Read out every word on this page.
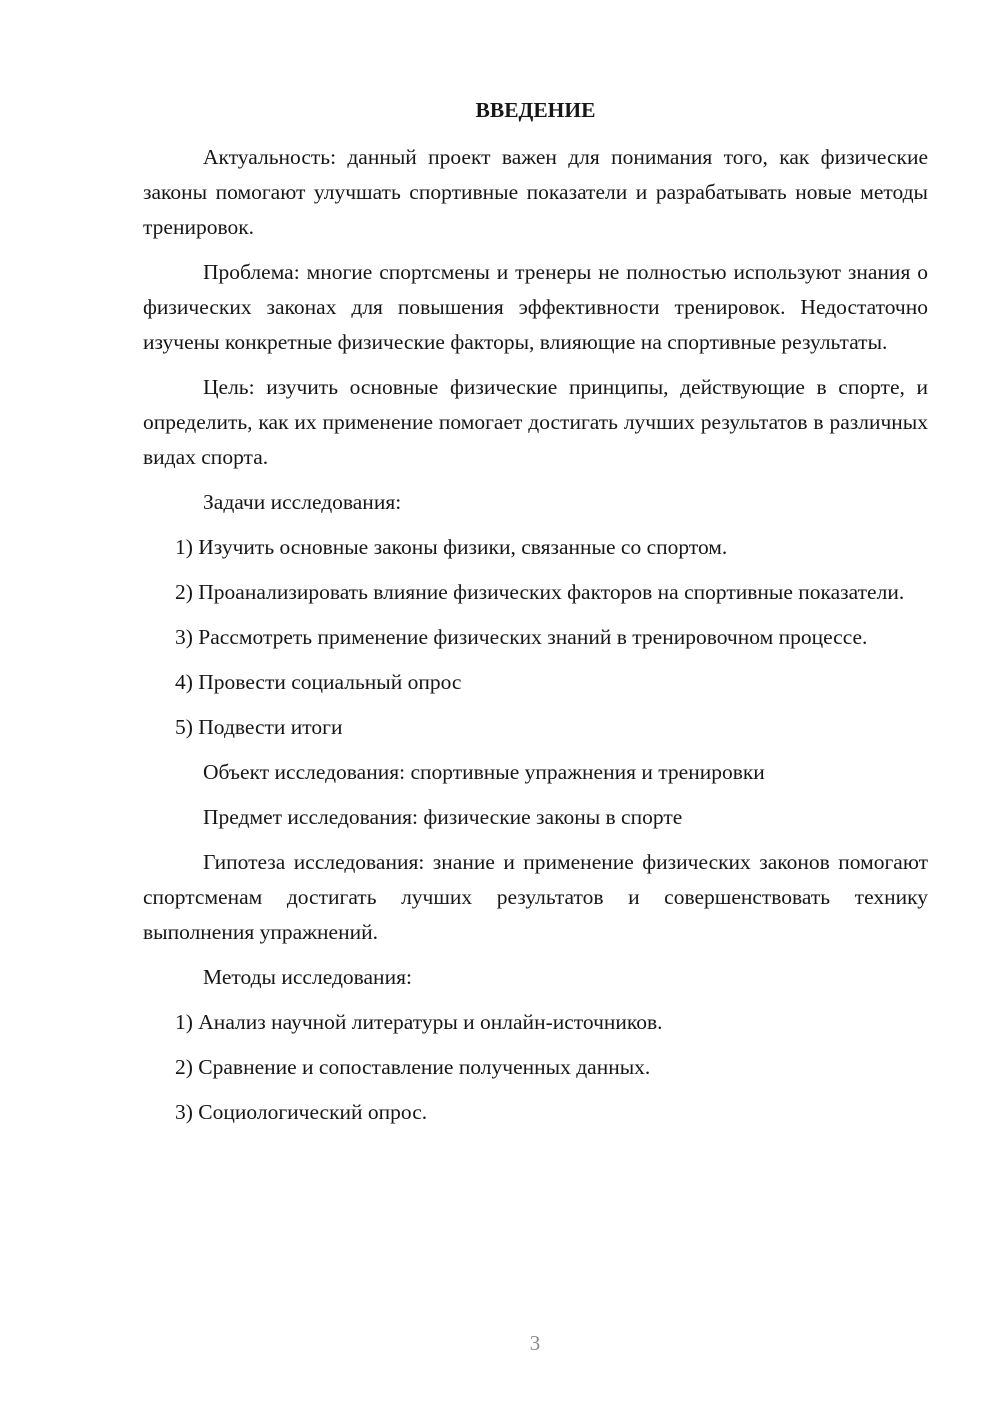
ВВЕДЕНИЕ

Актуальность: данный проект важен для понимания того, как физические законы помогают улучшать спортивные показатели и разрабатывать новые методы тренировок.

Проблема: многие спортсмены и тренеры не полностью используют знания о физических законах для повышения эффективности тренировок. Недостаточно изучены конкретные физические факторы, влияющие на спортивные результаты.

Цель: изучить основные физические принципы, действующие в спорте, и определить, как их применение помогает достигать лучших результатов в различных видах спорта.

Задачи исследования:

1) Изучить основные законы физики, связанные со спортом.

2) Проанализировать влияние физических факторов на спортивные показатели.

3) Рассмотреть применение физических знаний в тренировочном процессе.

4) Провести социальный опрос

5) Подвести итоги

Объект исследования: спортивные упражнения и тренировки

Предмет исследования: физические законы в спорте

Гипотеза исследования: знание и применение физических законов помогают спортсменам достигать лучших результатов и совершенствовать технику выполнения упражнений.

Методы исследования:

1) Анализ научной литературы и онлайн-источников.

2) Сравнение и сопоставление полученных данных.

3) Социологический опрос.

3
